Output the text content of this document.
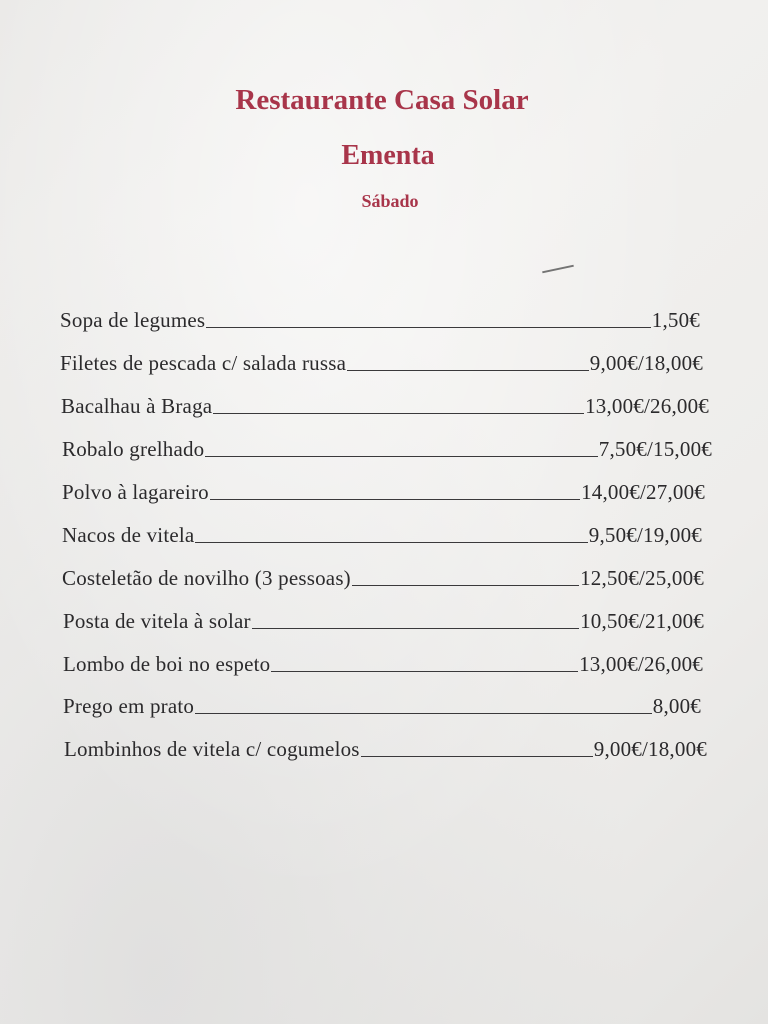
Restaurante Casa Solar
Ementa
Sábado
Sopa de legumes	1,50€
Filetes de pescada c/ salada russa	9,00€/18,00€
Bacalhau à Braga	13,00€/26,00€
Robalo grelhado	7,50€/15,00€
Polvo à lagareiro	14,00€/27,00€
Nacos de vitela	9,50€/19,00€
Costeletão de novilho (3 pessoas)	12,50€/25,00€
Posta de vitela à solar	10,50€/21,00€
Lombo de boi no espeto	13,00€/26,00€
Prego em prato	8,00€
Lombinhos de vitela c/ cogumelos	9,00€/18,00€
